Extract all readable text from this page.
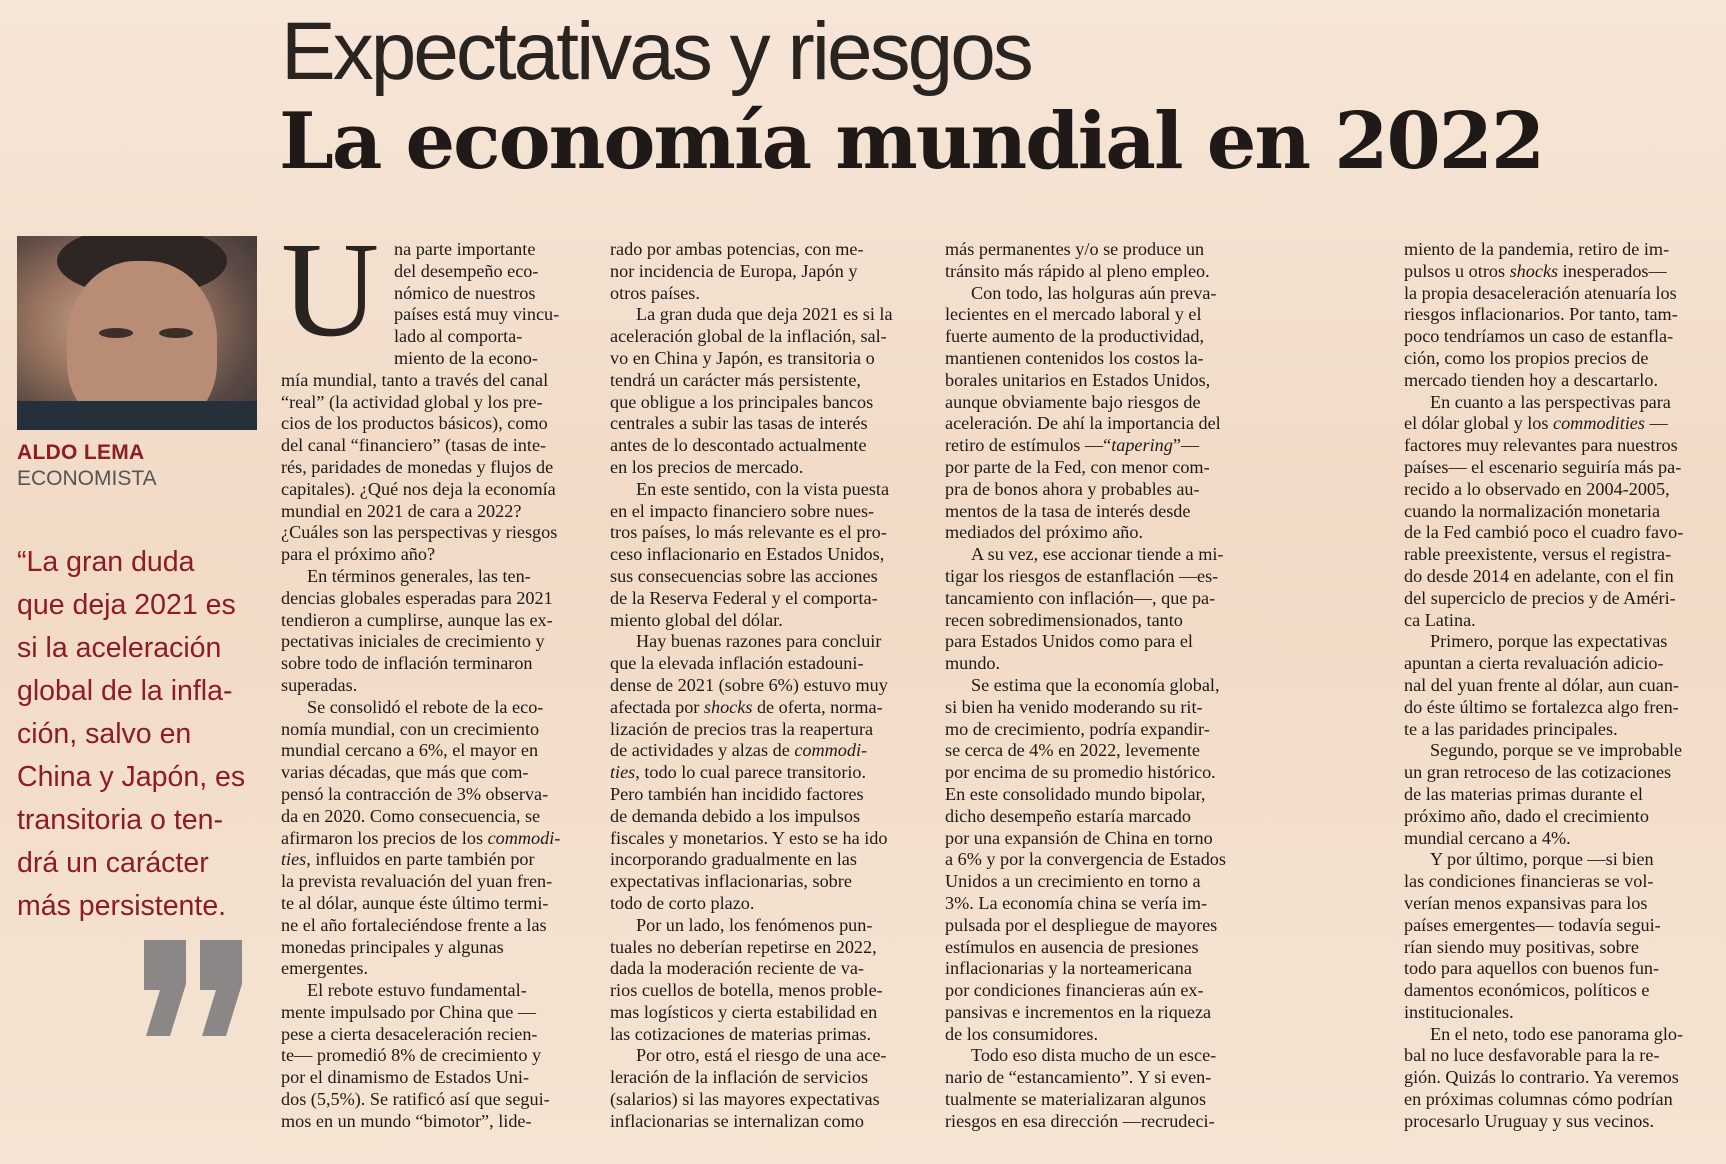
Expectativas y riesgos
La economía mundial en 2022
ALDO LEMA
ECONOMISTA
“La gran duda
que deja 2021 es
si la aceleración
global de la infla-
ción, salvo en
China y Japón, es
transitoria o ten-
drá un carácter
más persistente.
U na parte importante
del desempeño eco-
nómico de nuestros
países está muy vincu-
lado al comporta-
miento de la econo-
mía mundial, tanto a través del canal
“real” (la actividad global y los pre-
cios de los productos básicos), como
del canal “financiero” (tasas de inte-
rés, paridades de monedas y flujos de
capitales). ¿Qué nos deja la economía
mundial en 2021 de cara a 2022?
¿Cuáles son las perspectivas y riesgos
para el próximo año?
En términos generales, las ten-
dencias globales esperadas para 2021
tendieron a cumplirse, aunque las ex-
pectativas iniciales de crecimiento y
sobre todo de inflación terminaron
superadas.
Se consolidó el rebote de la eco-
nomía mundial, con un crecimiento
mundial cercano a 6%, el mayor en
varias décadas, que más que com-
pensó la contracción de 3% observa-
da en 2020. Como consecuencia, se
afirmaron los precios de los commodi-
ties, influidos en parte también por
la prevista revaluación del yuan fren-
te al dólar, aunque éste último termi-
ne el año fortaleciéndose frente a las
monedas principales y algunas
emergentes.
El rebote estuvo fundamental-
mente impulsado por China que —
pese a cierta desaceleración recien-
te— promedió 8% de crecimiento y
por el dinamismo de Estados Uni-
dos (5,5%). Se ratificó así que segui-
mos en un mundo “bimotor”, lide-
rado por ambas potencias, con me-
nor incidencia de Europa, Japón y
otros países.
La gran duda que deja 2021 es si la
aceleración global de la inflación, sal-
vo en China y Japón, es transitoria o
tendrá un carácter más persistente,
que obligue a los principales bancos
centrales a subir las tasas de interés
antes de lo descontado actualmente
en los precios de mercado.
En este sentido, con la vista puesta
en el impacto financiero sobre nues-
tros países, lo más relevante es el pro-
ceso inflacionario en Estados Unidos,
sus consecuencias sobre las acciones
de la Reserva Federal y el comporta-
miento global del dólar.
Hay buenas razones para concluir
que la elevada inflación estadouni-
dense de 2021 (sobre 6%) estuvo muy
afectada por shocks de oferta, norma-
lización de precios tras la reapertura
de actividades y alzas de commodi-
ties, todo lo cual parece transitorio.
Pero también han incidido factores
de demanda debido a los impulsos
fiscales y monetarios. Y esto se ha ido
incorporando gradualmente en las
expectativas inflacionarias, sobre
todo de corto plazo.
Por un lado, los fenómenos pun-
tuales no deberían repetirse en 2022,
dada la moderación reciente de va-
rios cuellos de botella, menos proble-
mas logísticos y cierta estabilidad en
las cotizaciones de materias primas.
Por otro, está el riesgo de una ace-
leración de la inflación de servicios
(salarios) si las mayores expectativas
inflacionarias se internalizan como
más permanentes y/o se produce un
tránsito más rápido al pleno empleo.
Con todo, las holguras aún preva-
lecientes en el mercado laboral y el
fuerte aumento de la productividad,
mantienen contenidos los costos la-
borales unitarios en Estados Unidos,
aunque obviamente bajo riesgos de
aceleración. De ahí la importancia del
retiro de estímulos —“tapering”—
por parte de la Fed, con menor com-
pra de bonos ahora y probables au-
mentos de la tasa de interés desde
mediados del próximo año.
A su vez, ese accionar tiende a mi-
tigar los riesgos de estanflación —es-
tancamiento con inflación—, que pa-
recen sobredimensionados, tanto
para Estados Unidos como para el
mundo.
Se estima que la economía global,
si bien ha venido moderando su rit-
mo de crecimiento, podría expandir-
se cerca de 4% en 2022, levemente
por encima de su promedio histórico.
En este consolidado mundo bipolar,
dicho desempeño estaría marcado
por una expansión de China en torno
a 6% y por la convergencia de Estados
Unidos a un crecimiento en torno a
3%. La economía china se vería im-
pulsada por el despliegue de mayores
estímulos en ausencia de presiones
inflacionarias y la norteamericana
por condiciones financieras aún ex-
pansivas e incrementos en la riqueza
de los consumidores.
Todo eso dista mucho de un esce-
nario de “estancamiento”. Y si even-
tualmente se materializaran algunos
riesgos en esa dirección —recrudeci-
miento de la pandemia, retiro de im-
pulsos u otros shocks inesperados—
la propia desaceleración atenuaría los
riesgos inflacionarios. Por tanto, tam-
poco tendríamos un caso de estanfla-
ción, como los propios precios de
mercado tienden hoy a descartarlo.
En cuanto a las perspectivas para
el dólar global y los commodities —
factores muy relevantes para nuestros
países— el escenario seguiría más pa-
recido a lo observado en 2004-2005,
cuando la normalización monetaria
de la Fed cambió poco el cuadro favo-
rable preexistente, versus el registra-
do desde 2014 en adelante, con el fin
del superciclo de precios y de Améri-
ca Latina.
Primero, porque las expectativas
apuntan a cierta revaluación adicio-
nal del yuan frente al dólar, aun cuan-
do éste último se fortalezca algo fren-
te a las paridades principales.
Segundo, porque se ve improbable
un gran retroceso de las cotizaciones
de las materias primas durante el
próximo año, dado el crecimiento
mundial cercano a 4%.
Y por último, porque —si bien
las condiciones financieras se vol-
verían menos expansivas para los
países emergentes— todavía segui-
rían siendo muy positivas, sobre
todo para aquellos con buenos fun-
damentos económicos, políticos e
institucionales.
En el neto, todo ese panorama glo-
bal no luce desfavorable para la re-
gión. Quizás lo contrario. Ya veremos
en próximas columnas cómo podrían
procesarlo Uruguay y sus vecinos.
